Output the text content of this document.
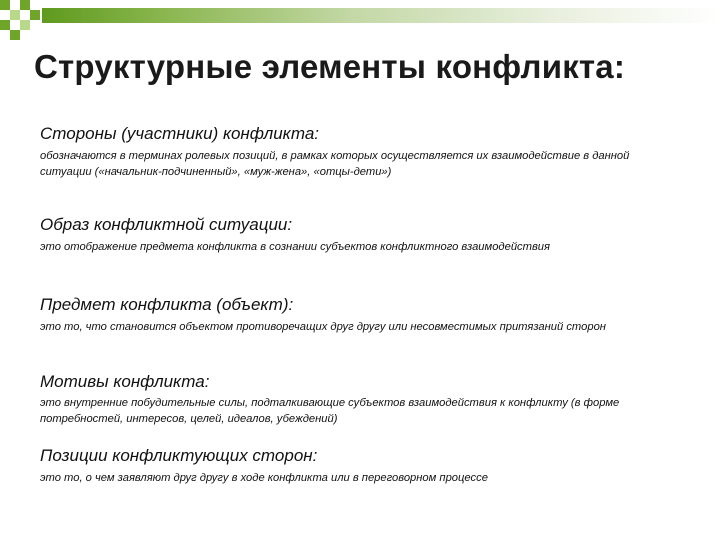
Структурные элементы конфликта:
Стороны (участники) конфликта:

обозначаются в терминах ролевых позиций, в рамках которых осуществляется их взаимодействие в данной ситуации («начальник-подчиненный», «муж-жена», «отцы-дети»)

Образ конфликтной ситуации:

это отображение предмета конфликта в сознании субъектов конфликтного взаимодействия

Предмет конфликта (объект):

это то, что становится объектом противоречащих друг другу или несовместимых притязаний сторон

Мотивы конфликта:

это внутренние побудительные силы, подталкивающие субъектов взаимодействия к конфликту (в форме потребностей, интересов, целей, идеалов, убеждений)

Позиции конфликтующих сторон:

это то, о чем заявляют друг другу в ходе конфликта или в переговорном процессе
